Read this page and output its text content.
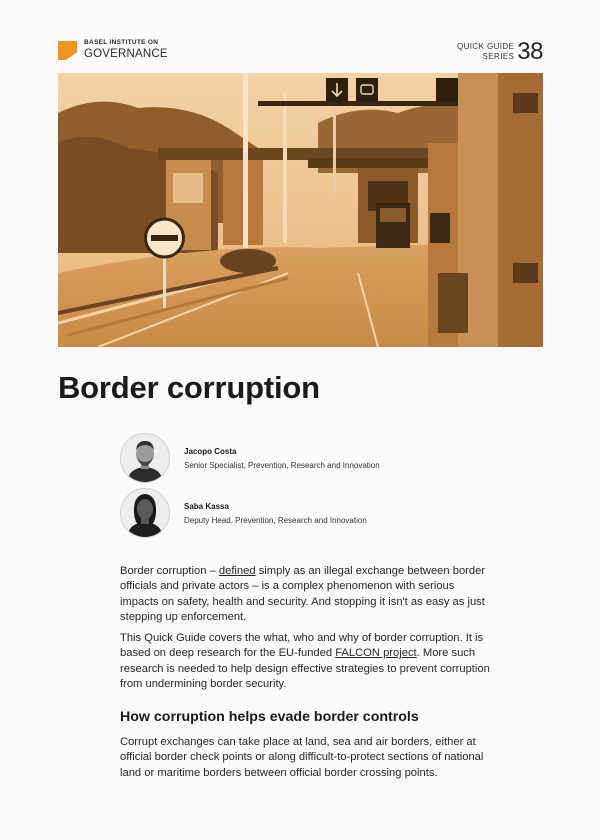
BASEL INSTITUTE ON
GOVERNANCE
QUICK GUIDE
SERIES 38
Border corruption
Jacopo Costa
Senior Specialist, Prevention, Research and Innovation
Saba Kassa
Deputy Head, Prevention, Research and Innovation

Border corruption – defined simply as an illegal exchange between border officials and private actors – is a complex phenomenon with serious impacts on safety, health and security. And stopping it isn't as easy as just stepping up enforcement.

This Quick Guide covers the what, who and why of border corruption. It is based on deep research for the EU-funded FALCON project. More such research is needed to help design effective strategies to prevent corruption from undermining border security.

How corruption helps evade border controls

Corrupt exchanges can take place at land, sea and air borders, either at official border check points or along difficult-to-protect sections of national land or maritime borders between official border crossing points.
